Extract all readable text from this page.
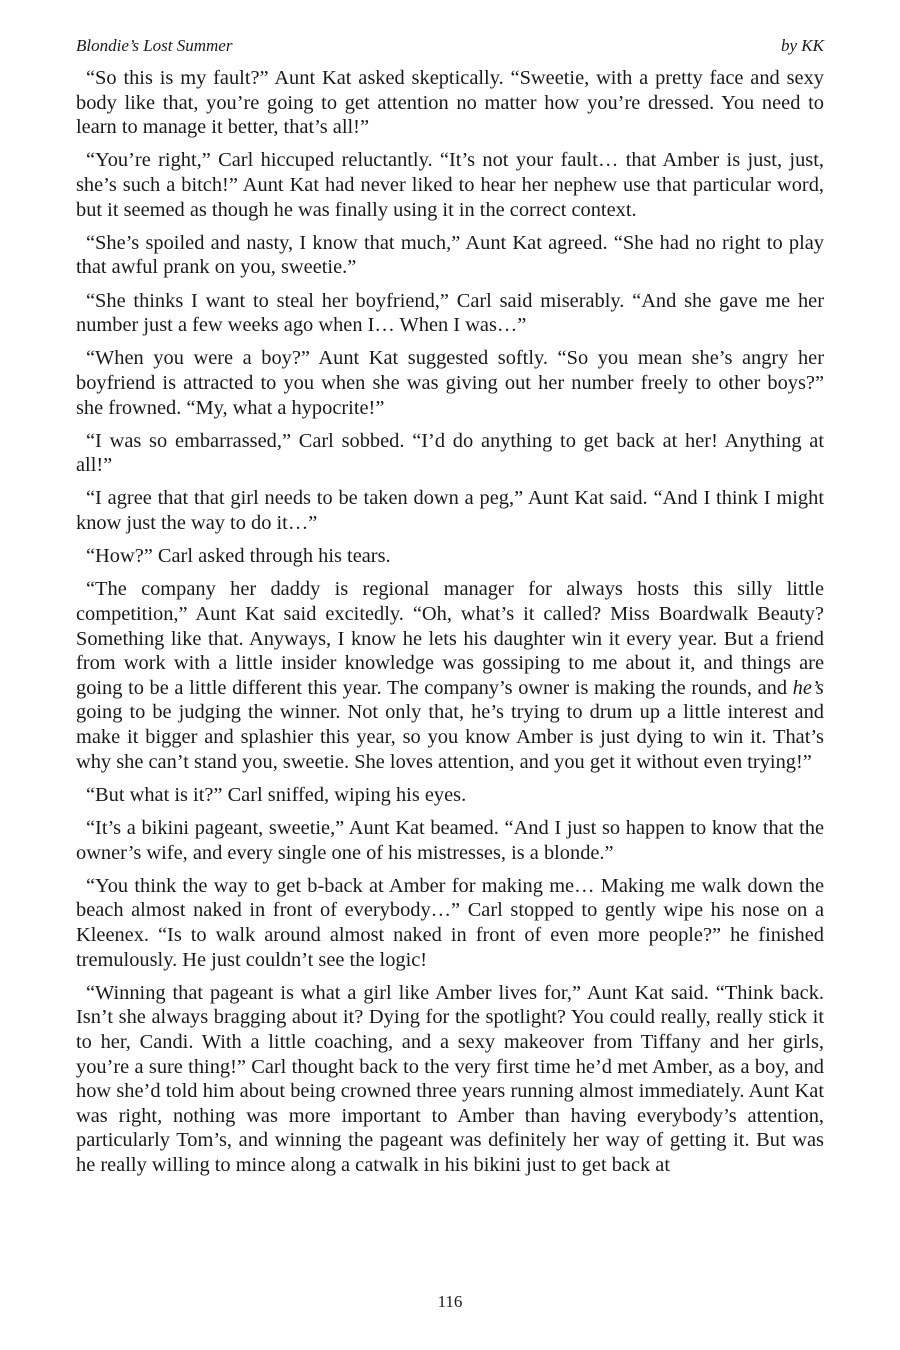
Blondie’s Lost Summer	by KK

“So this is my fault?” Aunt Kat asked skeptically. “Sweetie, with a pretty face and sexy body like that, you’re going to get attention no matter how you’re dressed. You need to learn to manage it better, that’s all!”

“You’re right,” Carl hiccuped reluctantly. “It’s not your fault… that Amber is just, just, she’s such a bitch!” Aunt Kat had never liked to hear her nephew use that particular word, but it seemed as though he was finally using it in the correct context.

“She’s spoiled and nasty, I know that much,” Aunt Kat agreed. “She had no right to play that awful prank on you, sweetie.”

“She thinks I want to steal her boyfriend,” Carl said miserably. “And she gave me her number just a few weeks ago when I… When I was…”

“When you were a boy?” Aunt Kat suggested softly. “So you mean she’s angry her boyfriend is attracted to you when she was giving out her number freely to other boys?” she frowned. “My, what a hypocrite!”

“I was so embarrassed,” Carl sobbed. “I’d do anything to get back at her! Anything at all!”

“I agree that that girl needs to be taken down a peg,” Aunt Kat said. “And I think I might know just the way to do it…”

“How?” Carl asked through his tears.

“The company her daddy is regional manager for always hosts this silly little competition,” Aunt Kat said excitedly. “Oh, what’s it called? Miss Boardwalk Beauty? Something like that. Anyways, I know he lets his daughter win it every year. But a friend from work with a little insider knowledge was gossiping to me about it, and things are going to be a little different this year. The company’s owner is making the rounds, and he’s going to be judging the winner. Not only that, he’s trying to drum up a little interest and make it bigger and splashier this year, so you know Amber is just dying to win it. That’s why she can’t stand you, sweetie. She loves attention, and you get it without even trying!”

“But what is it?” Carl sniffed, wiping his eyes.

“It’s a bikini pageant, sweetie,” Aunt Kat beamed. “And I just so happen to know that the owner’s wife, and every single one of his mistresses, is a blonde.”

“You think the way to get b-back at Amber for making me… Making me walk down the beach almost naked in front of everybody…” Carl stopped to gently wipe his nose on a Kleenex. “Is to walk around almost naked in front of even more people?” he finished tremulously. He just couldn’t see the logic!

“Winning that pageant is what a girl like Amber lives for,” Aunt Kat said. “Think back. Isn’t she always bragging about it? Dying for the spotlight? You could really, really stick it to her, Candi. With a little coaching, and a sexy makeover from Tiffany and her girls, you’re a sure thing!” Carl thought back to the very first time he’d met Amber, as a boy, and how she’d told him about being crowned three years running almost immediately. Aunt Kat was right, nothing was more important to Amber than having everybody’s attention, particularly Tom’s, and winning the pageant was definitely her way of getting it. But was he really willing to mince along a catwalk in his bikini just to get back at

116
